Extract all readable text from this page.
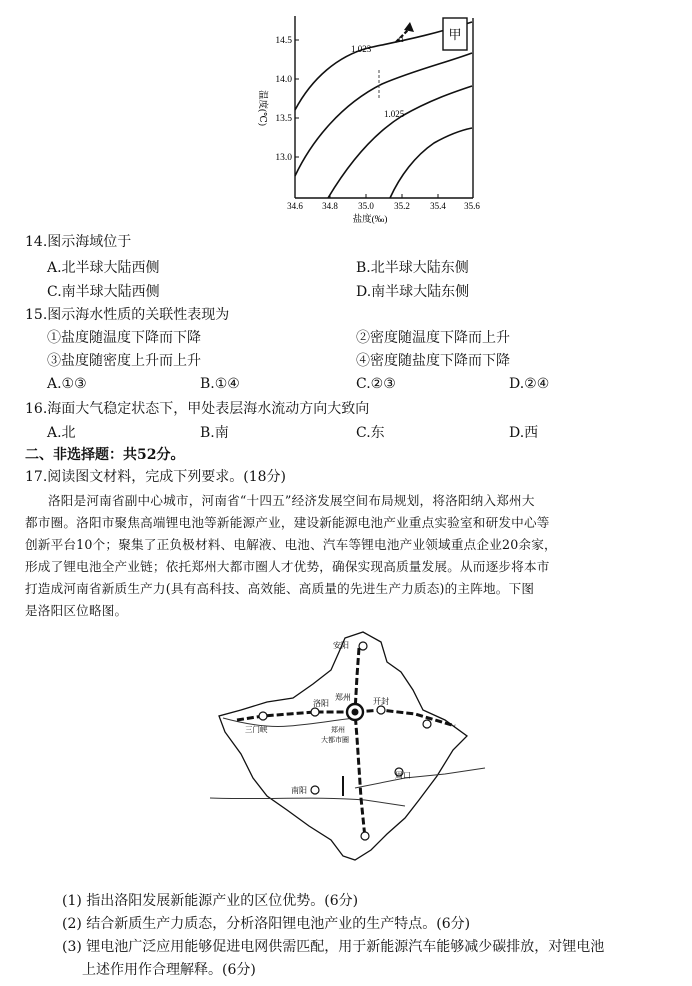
14.5
14.0
13.5
13.0
34.6 34.8 35.0 35.2 35.4 35.6
盐度(‰)
温度(℃)
1.023
1.025
41	甲
14.图示海域位于
A.北半球大陆西侧	B.北半球大陆东侧
C.南半球大陆西侧	D.南半球大陆东侧
15.图示海水性质的关联性表现为
①盐度随温度下降而下降	②密度随温度下降而上升
③盐度随密度上升而上升	④密度随盐度下降而下降
A.①③	B.①④	C.②③	D.②④
16.海面大气稳定状态下，甲处表层海水流动方向大致向
A.北	B.南	C.东	D.西
二、非选择题：共52分。
17.阅读图文材料，完成下列要求。(18分)
洛阳是河南省副中心城市，河南省“十四五”经济发展空间布局规划，将洛阳纳入郑州大
都市圈。洛阳市聚焦高端锂电池等新能源产业，建设新能源电池产业重点实验室和研发中心等
创新平台10个；聚集了正负极材料、电解液、电池、汽车等锂电池产业领域重点企业20余家，
形成了锂电池全产业链；依托郑州大都市圈人才优势，确保实现高质量发展。从而逐步将本市
打造成河南省新质生产力(具有高科技、高效能、高质量的先进生产力质态)的主阵地。下图
是洛阳区位略图。
安阳
洛阳
郑州	开封
三门峡	郑州
大都市圈
周口
南阳
(1) 指出洛阳发展新能源产业的区位优势。(6分)
(2) 结合新质生产力质态，分析洛阳锂电池产业的生产特点。(6分)
(3) 锂电池广泛应用能够促进电网供需匹配，用于新能源汽车能够减少碳排放，对锂电池
上述作用作合理解释。(6分)
